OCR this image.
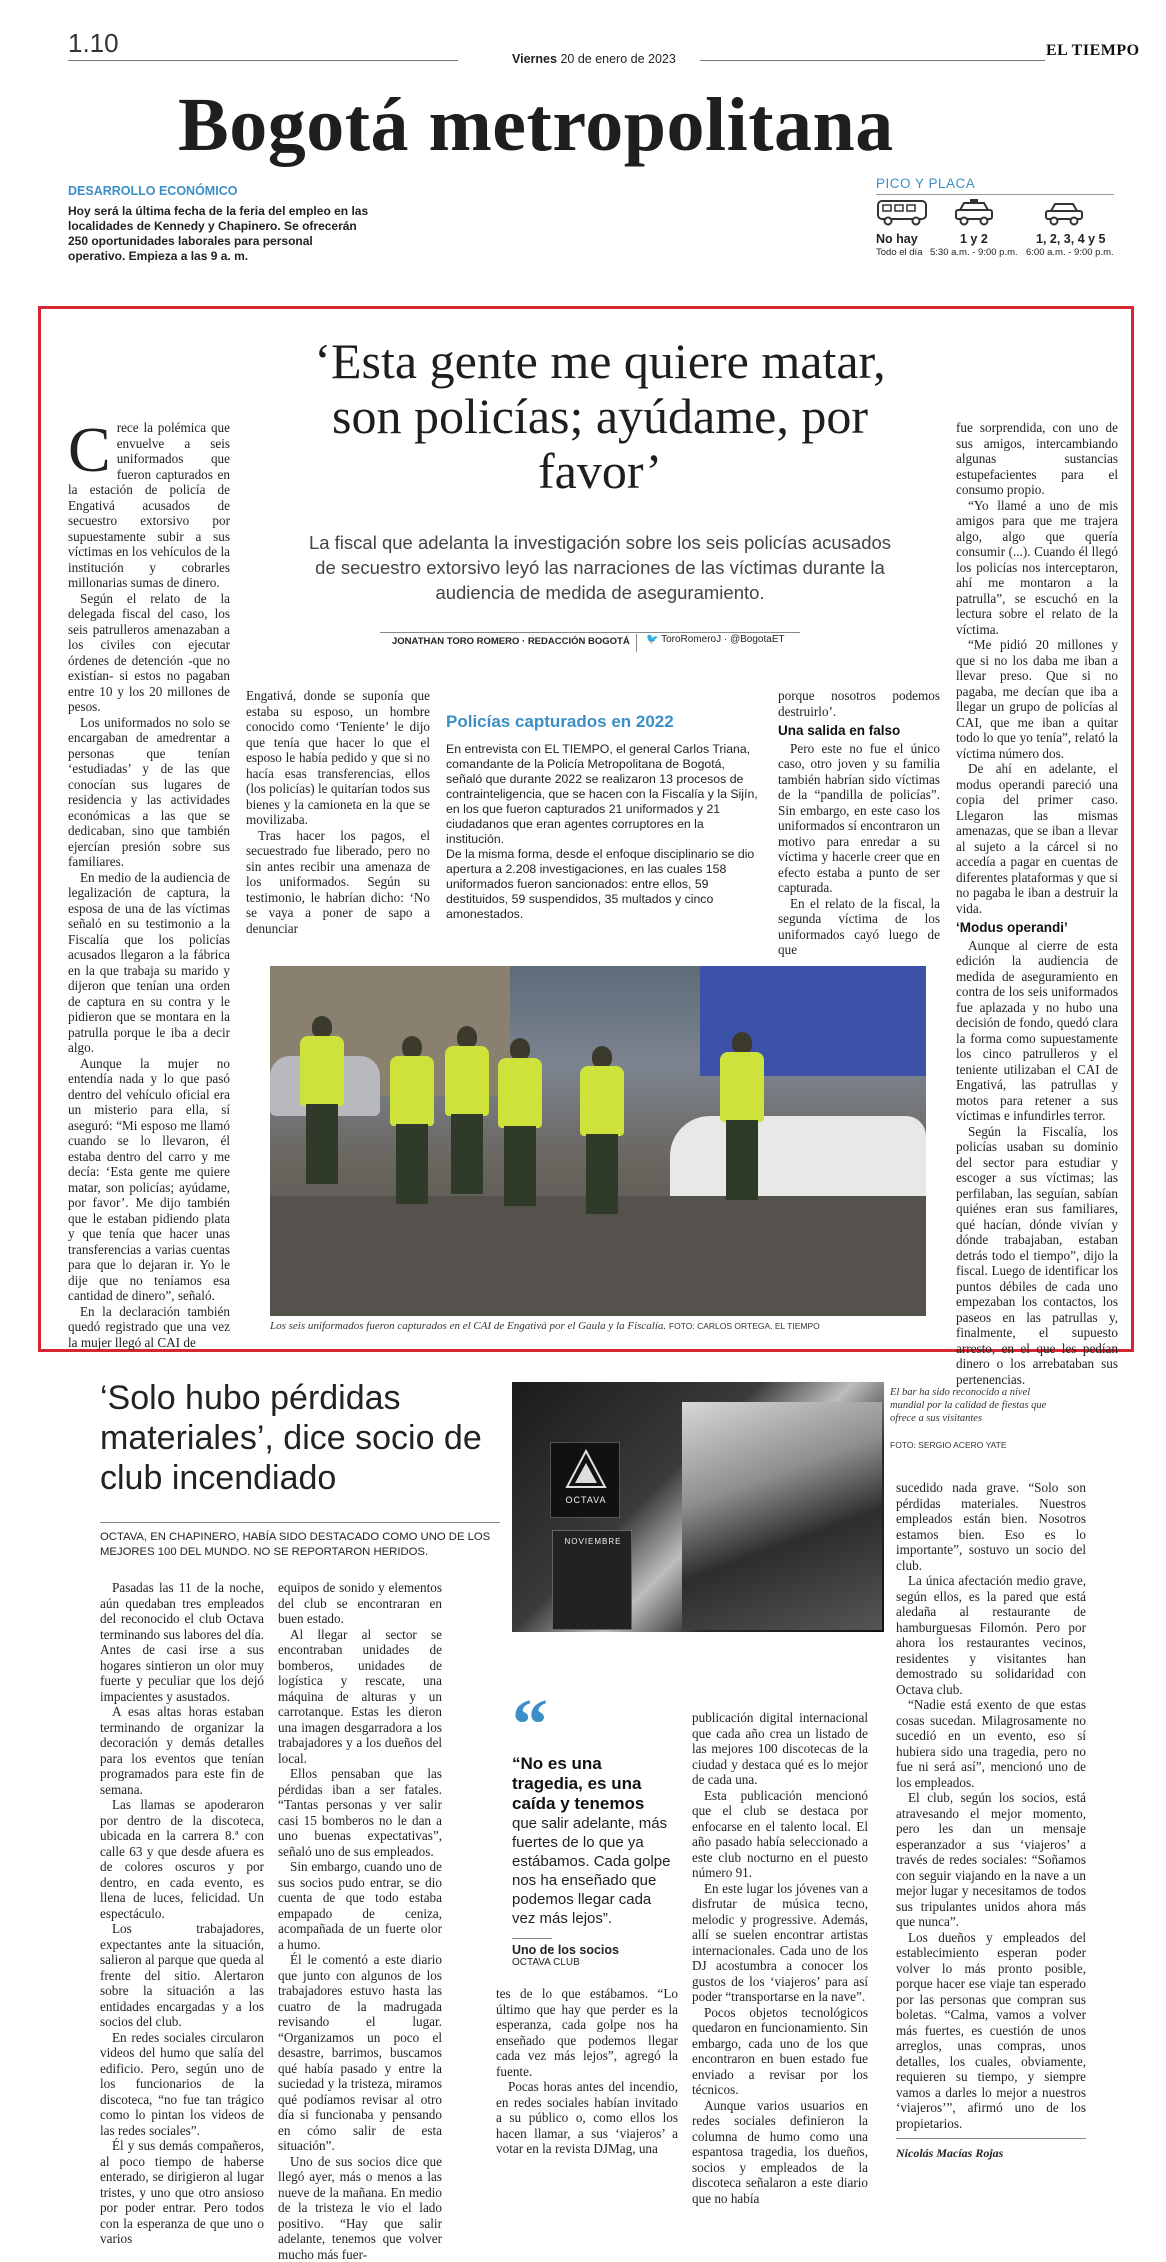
1.10
Viernes 20 de enero de 2023	EL TIEMPO
Bogotá metropolitana
DESARROLLO ECONÓMICO
Hoy será la última fecha de la feria del empleo en las localidades de Kennedy y Chapinero. Se ofrecerán 250 oportunidades laborales para personal operativo. Empieza a las 9 a. m.
PICO Y PLACA
No hay
Todo el día
1 y 2
5:30 a.m. - 9:00 p.m.
1, 2, 3, 4 y 5
6:00 a.m. - 9:00 p.m.
‘Esta gente me quiere matar, son policías; ayúdame, por favor’
La fiscal que adelanta la investigación sobre los seis policías acusados de secuestro extorsivo leyó las narraciones de las víctimas durante la audiencia de medida de aseguramiento.
JONATHAN TORO ROMERO · REDACCIÓN BOGOTÁ 🐦 ToroRomeroJ · @BogotaET
C rece la polémica que envuelve a seis uniformados que fueron capturados en la estación de policía de Engativá acusados de secuestro extorsivo por supuestamente subir a sus víctimas en los vehículos de la institución y cobrarles millonarias sumas de dinero.

Según el relato de la delegada fiscal del caso, los seis patrulleros amenazaban a los civiles con ejecutar órdenes de detención -que no existían- si estos no pagaban entre 10 y los 20 millones de pesos.

Los uniformados no solo se encargaban de amedrentar a personas que tenían ‘estudiadas’ y de las que conocían sus lugares de residencia y las actividades económicas a las que se dedicaban, sino que también ejercían presión sobre sus familiares.

En medio de la audiencia de legalización de captura, la esposa de una de las víctimas señaló en su testimonio a la Fiscalía que los policías acusados llegaron a la fábrica en la que trabaja su marido y dijeron que tenían una orden de captura en su contra y le pidieron que se montara en la patrulla porque le iba a decir algo.

Aunque la mujer no entendía nada y lo que pasó dentro del vehículo oficial era un misterio para ella, sí aseguró: “Mi esposo me llamó cuando se lo llevaron, él estaba dentro del carro y me decía: ‘Esta gente me quiere matar, son policías; ayúdame, por favor’. Me dijo también que le estaban pidiendo plata y que tenía que hacer unas transferencias a varias cuentas para que lo dejaran ir. Yo le dije que no teníamos esa cantidad de dinero”, señaló.

En la declaración también quedó registrado que una vez la mujer llegó al CAI de

Engativá, donde se suponía que estaba su esposo, un hombre conocido como ‘Teniente’ le dijo que tenía que hacer lo que el esposo le había pedido y que si no hacía esas transferencias, ellos (los policías) le quitarían todos sus bienes y la camioneta en la que se movilizaba.

Tras hacer los pagos, el secuestrado fue liberado, pero no sin antes recibir una amenaza de los uniformados. Según su testimonio, le habrían dicho: ‘No se vaya a poner de sapo a denunciar

Policías capturados en 2022
En entrevista con EL TIEMPO, el general Carlos Triana, comandante de la Policía Metropolitana de Bogotá, señaló que durante 2022 se realizaron 13 procesos de contrainteligencia, que se hacen con la Fiscalía y la Sijín, en los que fueron capturados 21 uniformados y 21 ciudadanos que eran agentes corruptores en la institución.
De la misma forma, desde el enfoque disciplinario se dio apertura a 2.208 investigaciones, en las cuales 158 uniformados fueron sancionados: entre ellos, 59 destituidos, 59 suspendidos, 35 multados y cinco amonestados.

porque nosotros podemos destruirlo’.

Una salida en falso

Pero este no fue el único caso, otro joven y su familia también habrían sido víctimas de la “pandilla de policías”. Sin embargo, en este caso los uniformados sí encontraron un motivo para enredar a su víctima y hacerle creer que en efecto estaba a punto de ser capturada.

En el relato de la fiscal, la segunda víctima de los uniformados cayó luego de que

fue sorprendida, con uno de sus amigos, intercambiando algunas sustancias estupefacientes para el consumo propio.

“Yo llamé a uno de mis amigos para que me trajera algo, algo que quería consumir (...). Cuando él llegó los policías nos interceptaron, ahí me montaron a la patrulla”, se escuchó en la lectura sobre el relato de la víctima.

“Me pidió 20 millones y que si no los daba me iban a llevar preso. Que si no pagaba, me decían que iba a llegar un grupo de policías al CAI, que me iban a quitar todo lo que yo tenía”, relató la víctima número dos.

De ahí en adelante, el modus operandi pareció una copia del primer caso. Llegaron las mismas amenazas, que se iban a llevar al sujeto a la cárcel si no accedía a pagar en cuentas de diferentes plataformas y que si no pagaba le iban a destruir la vida.

‘Modus operandi’

Aunque al cierre de esta edición la audiencia de medida de aseguramiento en contra de los seis uniformados fue aplazada y no hubo una decisión de fondo, quedó clara la forma como supuestamente los cinco patrulleros y el teniente utilizaban el CAI de Engativá, las patrullas y motos para retener a sus víctimas e infundirles terror.

Según la Fiscalía, los policías usaban su dominio del sector para estudiar y escoger a sus víctimas; las perfilaban, las seguían, sabían quiénes eran sus familiares, qué hacían, dónde vivían y dónde trabajaban, estaban detrás todo el tiempo”, dijo la fiscal. Luego de identificar los puntos débiles de cada uno empezaban los contactos, los paseos en las patrullas y, finalmente, el supuesto arresto, en el que les pedían dinero o los arrebataban sus pertenencias.

Los seis uniformados fueron capturados en el CAI de Engativá por el Gaula y la Fiscalía. FOTO: CARLOS ORTEGA. EL TIEMPO
‘Solo hubo pérdidas materiales’, dice socio de club incendiado
OCTAVA, EN CHAPINERO, HABÍA SIDO DESTACADO COMO UNO DE LOS MEJORES 100 DEL MUNDO. NO SE REPORTARON HERIDOS.
OCTAVA
NOVIEMBRE
El bar ha sido reconocido a nivel mundial por la calidad de fiestas que ofrece a sus visitantes
FOTO: SERGIO ACERO YATE

Pasadas las 11 de la noche, aún quedaban tres empleados del reconocido el club Octava terminando sus labores del día. Antes de casi irse a sus hogares sintieron un olor muy fuerte y peculiar que los dejó impacientes y asustados.

A esas altas horas estaban terminando de organizar la decoración y demás detalles para los eventos que tenían programados para este fin de semana.

Las llamas se apoderaron por dentro de la discoteca, ubicada en la carrera 8.ª con calle 63 y que desde afuera es de colores oscuros y por dentro, en cada evento, es llena de luces, felicidad. Un espectáculo.

Los trabajadores, expectantes ante la situación, salieron al parque que queda al frente del sitio. Alertaron sobre la situación a las entidades encargadas y a los socios del club.

En redes sociales circularon videos del humo que salía del edificio. Pero, según uno de los funcionarios de la discoteca, “no fue tan trágico como lo pintan los videos de las redes sociales”.

Él y sus demás compañeros, al poco tiempo de haberse enterado, se dirigieron al lugar tristes, y uno que otro ansioso por poder entrar. Pero todos con la esperanza de que uno o varios

equipos de sonido y elementos del club se encontraran en buen estado.

Al llegar al sector se encontraban unidades de bomberos, unidades de logística y rescate, una máquina de alturas y un carrotanque. Estas les dieron una imagen desgarradora a los trabajadores y a los dueños del local.

Ellos pensaban que las pérdidas iban a ser fatales. “Tantas personas y ver salir casi 15 bomberos no le dan a uno buenas expectativas”, señaló uno de sus empleados.

Sin embargo, cuando uno de sus socios pudo entrar, se dio cuenta de que todo estaba empapado de ceniza, acompañada de un fuerte olor a humo.

Él le comentó a este diario que junto con algunos de los trabajadores estuvo hasta las cuatro de la madrugada revisando el lugar. “Organizamos un poco el desastre, barrimos, buscamos qué había pasado y entre la suciedad y la tristeza, miramos qué podíamos revisar al otro día si funcionaba y pensando en cómo salir de esta situación”.

Uno de sus socios dice que llegó ayer, más o menos a las nueve de la mañana. En medio de la tristeza le vio el lado positivo. “Hay que salir adelante, tenemos que volver mucho más fuer-

“
“No es una tragedia, es una caída y tenemos
que salir adelante, más fuertes de lo que ya estábamos. Cada golpe nos ha enseñado que podemos llegar cada vez más lejos”.
Uno de los socios
OCTAVA CLUB

tes de lo que estábamos. “Lo último que hay que perder es la esperanza, cada golpe nos ha enseñado que podemos llegar cada vez más lejos”, agregó la fuente.

Pocas horas antes del incendio, en redes sociales habían invitado a su público o, como ellos los hacen llamar, a sus ‘viajeros’ a votar en la revista DJMag, una

publicación digital internacional que cada año crea un listado de las mejores 100 discotecas de la ciudad y destaca qué es lo mejor de cada una.

Esta publicación mencionó que el club se destaca por enfocarse en el talento local. El año pasado había seleccionado a este club nocturno en el puesto número 91.

En este lugar los jóvenes van a disfrutar de música tecno, melodic y progressive. Además, allí se suelen encontrar artistas internacionales. Cada uno de los DJ acostumbra a conocer los gustos de los ‘viajeros’ para así poder “transportarse en la nave”.

Pocos objetos tecnológicos quedaron en funcionamiento. Sin embargo, cada uno de los que encontraron en buen estado fue enviado a revisar por los técnicos.

Aunque varios usuarios en redes sociales definieron la columna de humo como una espantosa tragedia, los dueños, socios y empleados de la discoteca señalaron a este diario que no había

sucedido nada grave. “Solo son pérdidas materiales. Nuestros empleados están bien. Nosotros estamos bien. Eso es lo importante”, sostuvo un socio del club.

La única afectación medio grave, según ellos, es la pared que está aledaña al restaurante de hamburguesas Filomón. Pero por ahora los restaurantes vecinos, residentes y visitantes han demostrado su solidaridad con Octava club.

“Nadie está exento de que estas cosas sucedan. Milagrosamente no sucedió en un evento, eso sí hubiera sido una tragedia, pero no fue ni será así”, mencionó uno de los empleados.

El club, según los socios, está atravesando el mejor momento, pero les dan un mensaje esperanzador a sus ‘viajeros’ a través de redes sociales: “Soñamos con seguir viajando en la nave a un mejor lugar y necesitamos de todos sus tripulantes unidos ahora más que nunca”.

Los dueños y empleados del establecimiento esperan poder volver lo más pronto posible, porque hacer ese viaje tan esperado por las personas que compran sus boletas. “Calma, vamos a volver más fuertes, es cuestión de unos arreglos, unas compras, unos detalles, los cuales, obviamente, requieren su tiempo, y siempre vamos a darles lo mejor a nuestros ‘viajeros’”, afirmó uno de los propietarios.

Nicolás Macías Rojas
